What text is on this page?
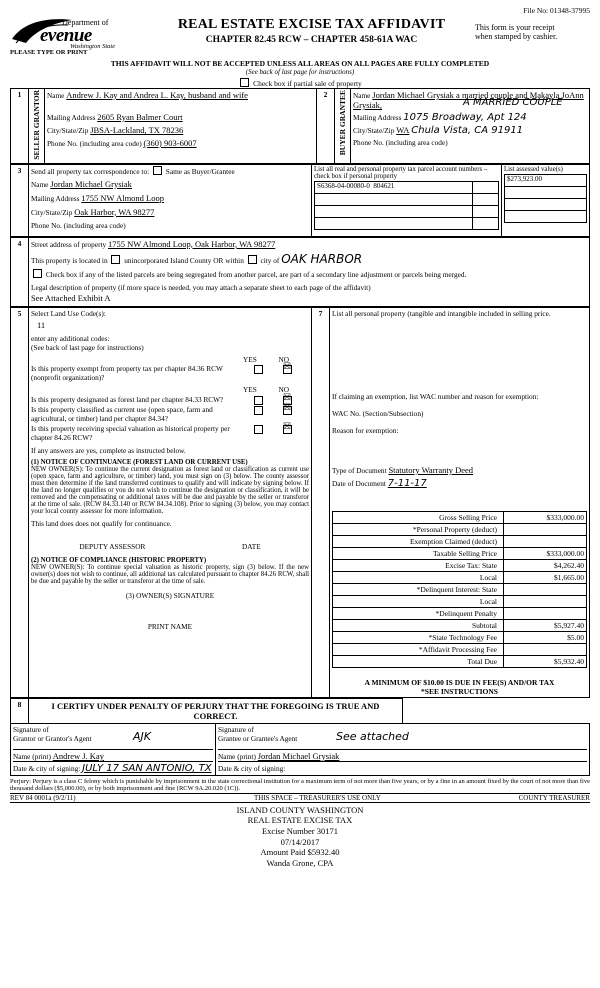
File No: 01348-37995
Department of
evenue
Washington State
PLEASE TYPE OR PRINT
REAL ESTATE EXCISE TAX AFFIDAVIT
CHAPTER 82.45 RCW – CHAPTER 458-61A WAC
This form is your receipt
when stamped by cashier.
THIS AFFIDAVIT WILL NOT BE ACCEPTED UNLESS ALL AREAS ON ALL PAGES ARE FULLY COMPLETED
(See back of last page for instructions)
Check box if partial sale of property
1	SELLER GRANTOR	Name Andrew J. Kay and Andrea L. Kay, husband and wife
Mailing Address 2605 Ryan Balmer Court
City/State/Zip JBSA-Lackland, TX 78236
Phone No. (including area code) (360) 903-6007
	2	BUYER GRANTEE	Name Jordan Michael Grysiak a married couple and Makayla JoAnn Grysiak,	A MARRIED COUPLE
Mailing Address 1075 Broadway, Apt 124
City/State/Zip WA Chula Vista, CA 91911
Phone No. (including area code)
3	Send all property tax correspondence to: Same as Buyer/Grantee
Name Jordan Michael Grysiak
Mailing Address 1755 NW Almond Loop
City/State/Zip Oak Harbor, WA 98277
Phone No. (including area code)

List all real and personal property tax parcel account numbers – check box if personal property
S6368-04-00080-0 804621	

List assessed value(s)
$273,923.00

4	Street address of property 1755 NW Almond Loop, Oak Harbor, WA 98277
This property is located in unincorporated Island County OR within city of OAK HARBOR
Check box if any of the listed parcels are being segregated from another parcel, are part of a secondary line adjustment or parcels being merged.
Legal description of property (if more space is needed, you may attach a separate sheet to each page of the affidavit)
See Attached Exhibit A
5	Select Land Use Code(s):
11
enter any additional codes:
(See back of last page for instructions)
YES	NO
Is this property exempt from property tax per chapter 84.36 RCW (nonprofit organization)?
☒
YES	NO
Is this property designated as forest land per chapter 84.33 RCW?
☒
Is this property classified as current use (open space, farm and agricultural, or timber) land per chapter 84.34?
☒
Is this property receiving special valuation as historical property per chapter 84.26 RCW?
☒
If any answers are yes, complete as instructed below.
(1) NOTICE OF CONTINUANCE (FOREST LAND OR CURRENT USE)
NEW OWNER(S): To continue the current designation as forest land or classification as current use (open space, farm and agriculture, or timber) land, you must sign on (3) below. The county assessor must then determine if the land transferred continues to qualify and will indicate by signing below. If the land no longer qualifies or you do not wish to continue the designation or classification, it will be removed and the compensating or additional taxes will be due and payable by the seller or transferor at the time of sale. (RCW 84.33.140 or RCW 84.34.108). Prior to signing (3) below, you may contact your local county assessor for more information.
This land does does not qualify for continuance.
DEPUTY ASSESSOR	DATE
(2) NOTICE OF COMPLIANCE (HISTORIC PROPERTY)
NEW OWNER(S): To continue special valuation as historic property, sign (3) below. If the new owner(s) does not wish to continue, all additional tax calculated pursuant to chapter 84.26 RCW, shall be due and payable by the seller or transferor at the time of sale.
(3) OWNER(S) SIGNATURE
PRINT NAME
	7	List all personal property (tangible and intangible included in selling price.
If claiming an exemption, list WAC number and reason for exemption:
WAC No. (Section/Subsection)
Reason for exemption:
Type of Document Statutory Warranty Deed
Date of Document 7-11-17
Gross Selling Price	$333,000.00
*Personal Property (deduct)	
Exemption Claimed (deduct)	
Taxable Selling Price	$333,000.00
Excise Tax: State	$4,262.40
Local	$1,665.00
*Delinquent Interest: State	
Local	
*Delinquent Penalty	
Subtotal	$5,927.40
*State Technology Fee	$5.00
*Affidavit Processing Fee	
Total Due	$5,932.40
A MINIMUM OF $10.00 IS DUE IN FEE(S) AND/OR TAX
*SEE INSTRUCTIONS
8	I CERTIFY UNDER PENALTY OF PERJURY THAT THE FOREGOING IS TRUE AND CORRECT.	

Signature of
Grantor or Grantor's Agent	AJK
Name (print) Andrew J. Kay
Date & city of signing: JULY 17 SAN ANTONIO, TX

Signature of
Grantee or Grantee's Agent	See attached
Name (print) Jordan Michael Grysiak
Date & city of signing:
Perjury: Perjury is a class C felony which is punishable by imprisonment in the state correctional institution for a maximum term of not more than five years, or by a fine in an amount fixed by the court of not more than five thousand dollars ($5,000.00), or by both imprisonment and fine (RCW 9A.20.020 (1C)).
REV 84 0001a (9/2/11)	THIS SPACE – TREASURER'S USE ONLY	COUNTY TREASURER
ISLAND COUNTY WASHINGTON
REAL ESTATE EXCISE TAX
Excise Number 30171
07/14/2017
Amount Paid $5932.40
Wanda Grone, CPA
